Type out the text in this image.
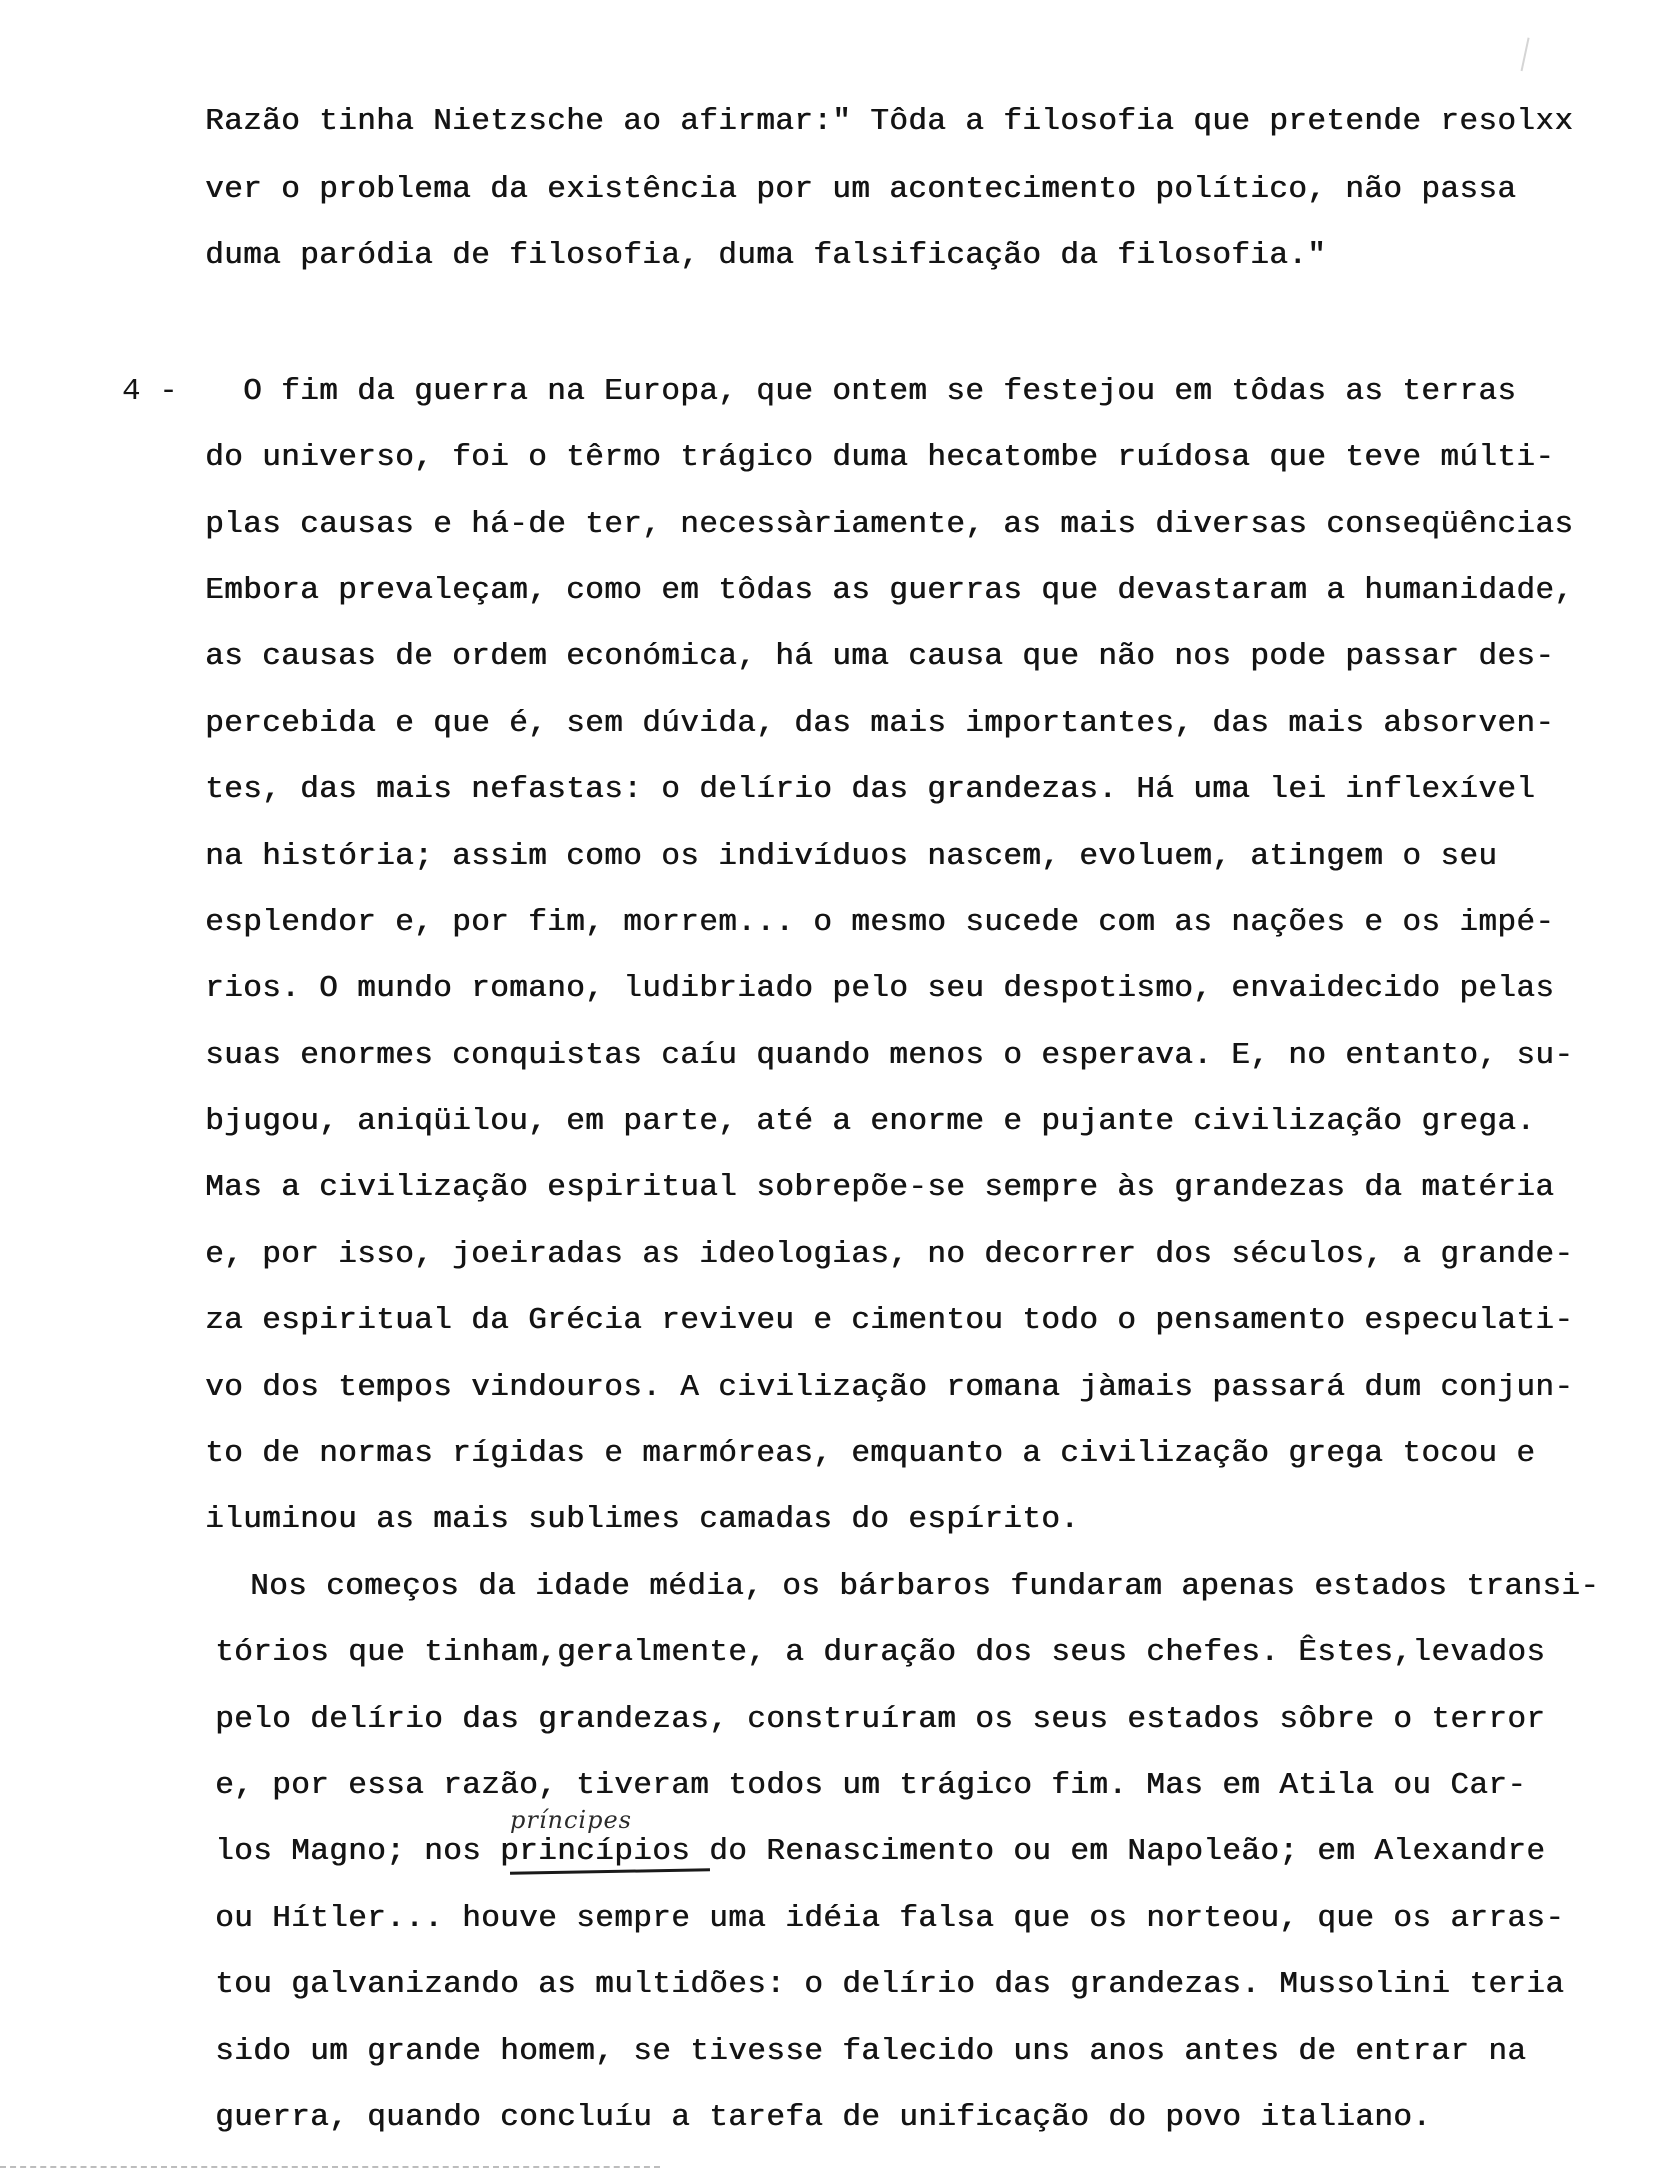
Razão tinha Nietzsche ao afirmar:" Tôda a filosofia que pretende resolxx
ver o problema da existência por um acontecimento político, não passa
duma paródia de filosofia, duma falsificação da filosofia."
4 - O fim da guerra na Europa, que ontem se festejou em tôdas as terras
do universo, foi o têrmo trágico duma hecatombe ruídosa que teve múlti-
plas causas e há-de ter, necessàriamente, as mais diversas conseqüências
Embora prevaleçam, como em tôdas as guerras que devastaram a humanidade,
as causas de ordem económica, há uma causa que não nos pode passar des-
percebida e que é, sem dúvida, das mais importantes, das mais absorven-
tes, das mais nefastas: o delírio das grandezas. Há uma lei inflexível
na história; assim como os indivíduos nascem, evoluem, atingem o seu
esplendor e, por fim, morrem... o mesmo sucede com as nações e os impé-
rios. O mundo romano, ludibriado pelo seu despotismo, envaidecido pelas
suas enormes conquistas caíu quando menos o esperava. E, no entanto, su-
bjugou, aniqüilou, em parte, até a enorme e pujante civilização grega.
Mas a civilização espiritual sobrepõe-se sempre às grandezas da matéria
e, por isso, joeiradas as ideologias, no decorrer dos séculos, a grande-
za espiritual da Grécia reviveu e cimentou todo o pensamento especulati-
vo dos tempos vindouros. A civilização romana jàmais passará dum conjun-
to de normas rígidas e marmóreas, emquanto a civilização grega tocou e
iluminou as mais sublimes camadas do espírito.
Nos começos da idade média, os bárbaros fundaram apenas estados transi-
tórios que tinham,geralmente, a duração dos seus chefes. Êstes,levados
pelo delírio das grandezas, construíram os seus estados sôbre o terror
e, por essa razão, tiveram todos um trágico fim. Mas em Atila ou Car-
príncipes
los Magno; nos princípios do Renascimento ou em Napoleão; em Alexandre
ou Hítler... houve sempre uma idéia falsa que os norteou, que os arras-
tou galvanizando as multidões: o delírio das grandezas. Mussolini teria
sido um grande homem, se tivesse falecido uns anos antes de entrar na
guerra, quando concluíu a tarefa de unificação do povo italiano.
